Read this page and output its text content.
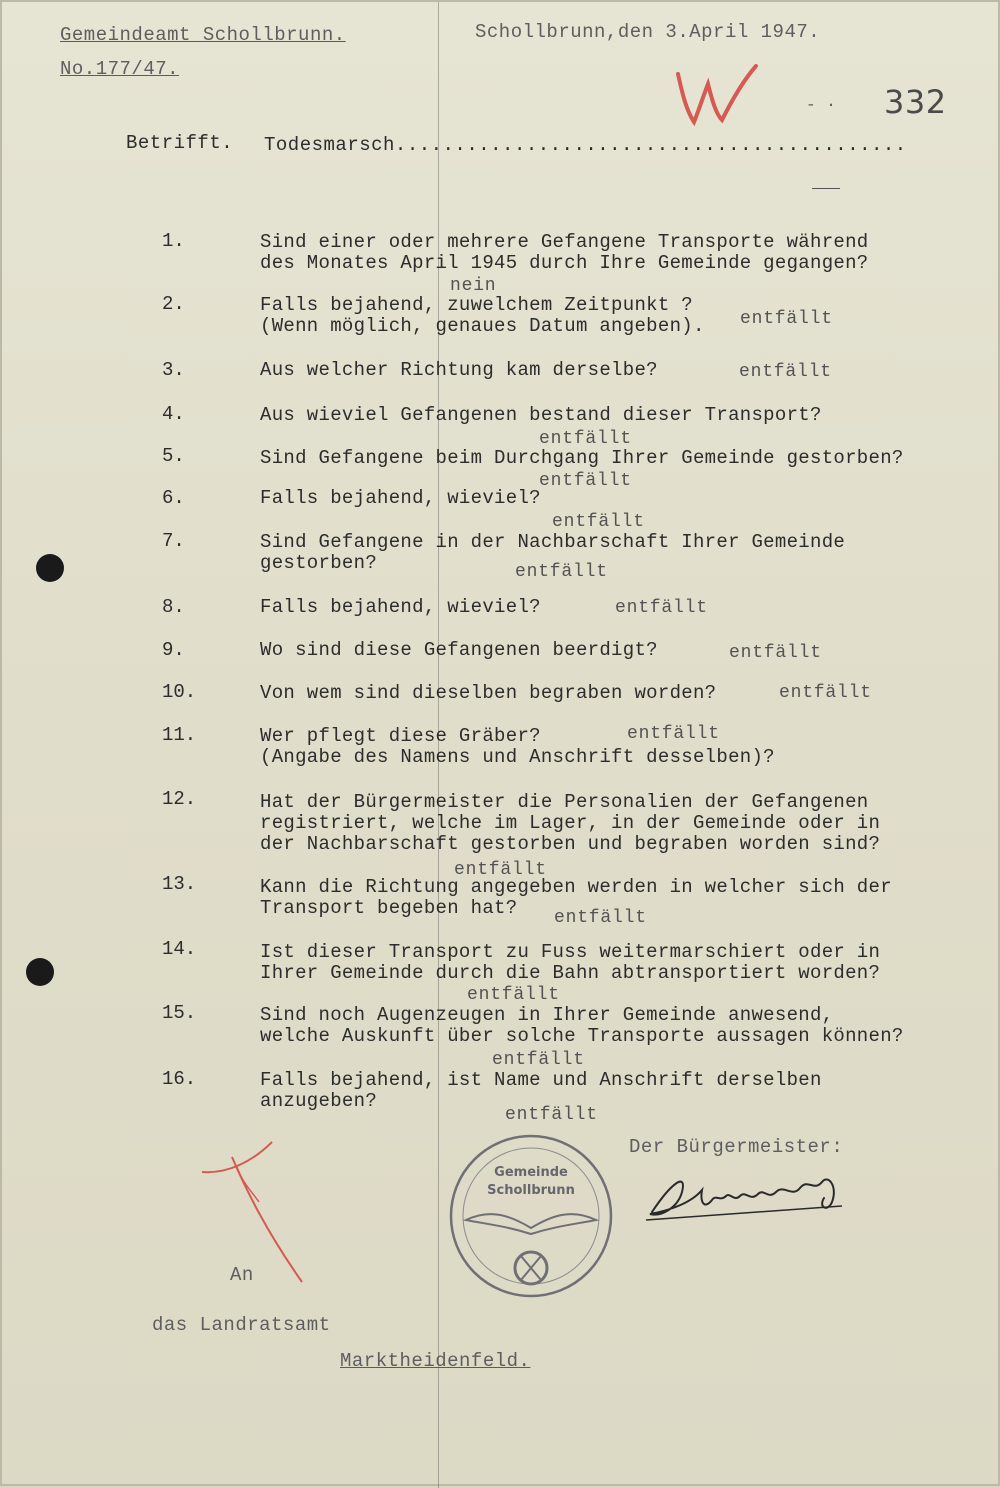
Gemeindeamt Schollbrunn.
No.177/47.
Schollbrunn,den 3.April 1947.
W
- · 332
Betrifft. Todesmarsch...........................................
1.	Sind einer oder mehrere Gefangene Transporte während
des Monates April 1945 durch Ihre Gemeinde gegangen?
nein
2.	Falls bejahend, zuwelchem Zeitpunkt ?
(Wenn möglich, genaues Datum angeben). entfällt
3.	Aus welcher Richtung kam derselbe?	entfällt
4.	Aus wieviel Gefangenen bestand dieser Transport?
entfällt
5.	Sind Gefangene beim Durchgang Ihrer Gemeinde gestorben?
entfällt
6.	Falls bejahend, wieviel?
entfällt
7.	Sind Gefangene in der Nachbarschaft Ihrer Gemeinde
gestorben?	entfällt
8.	Falls bejahend, wieviel?	entfällt
9.	Wo sind diese Gefangenen beerdigt?	entfällt
10.	Von wem sind dieselben begraben worden?	entfällt
11.	Wer pflegt diese Gräber?
(Angabe des Namens und Anschrift desselben)?
entfällt
12.	Hat der Bürgermeister die Personalien der Gefangenen
registriert, welche im Lager, in der Gemeinde oder in
der Nachbarschaft gestorben und begraben worden sind?
entfällt
13.	Kann die Richtung angegeben werden in welcher sich der
Transport begeben hat?	entfällt
14.	Ist dieser Transport zu Fuss weitermarschiert oder in
Ihrer Gemeinde durch die Bahn abtransportiert worden?
entfällt
15.	Sind noch Augenzeugen in Ihrer Gemeinde anwesend,
welche Auskunft über solche Transporte aussagen können?
entfällt
16.	Falls bejahend, ist Name und Anschrift derselben
anzugeben?
entfällt
Der Bürgermeister:
Gemeinde
Schollbrunn
An
das Landratsamt
Marktheidenfeld.
